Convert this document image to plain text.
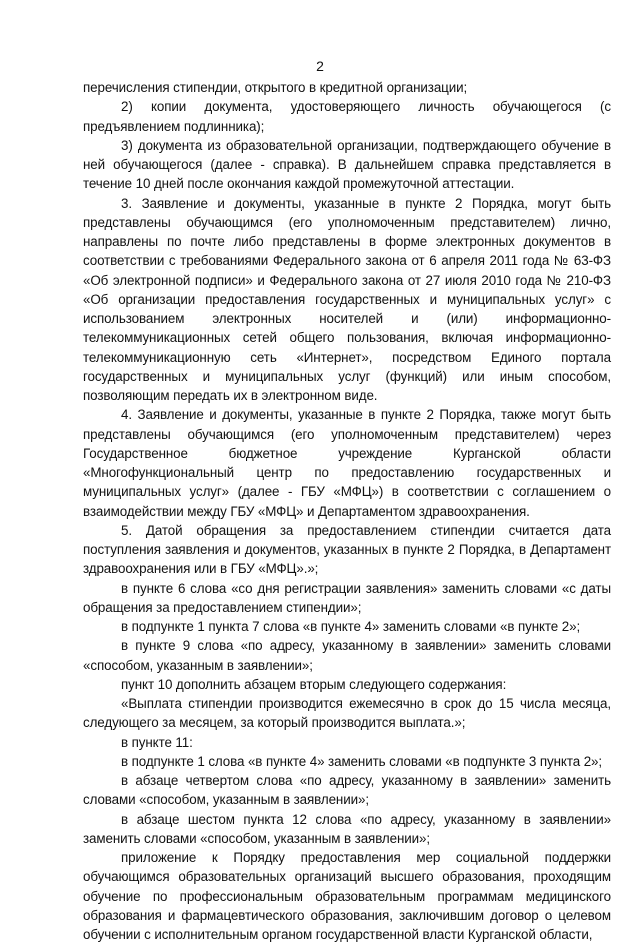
2

перечисления стипендии, открытого в кредитной организации;

2) копии документа, удостоверяющего личность обучающегося (с предъявлением подлинника);

3) документа из образовательной организации, подтверждающего обучение в ней обучающегося (далее - справка). В дальнейшем справка представляется в течение 10 дней после окончания каждой промежуточной аттестации.

3. Заявление и документы, указанные в пункте 2 Порядка, могут быть представлены обучающимся (его уполномоченным представителем) лично, направлены по почте либо представлены в форме электронных документов в соответствии с требованиями Федерального закона от 6 апреля 2011 года № 63-ФЗ «Об электронной подписи» и Федерального закона от 27 июля 2010 года № 210-ФЗ «Об организации предоставления государственных и муниципальных услуг» с использованием электронных носителей и (или) информационно-телекоммуникационных сетей общего пользования, включая информационно-телекоммуникационную сеть «Интернет», посредством Единого портала государственных и муниципальных услуг (функций) или иным способом, позволяющим передать их в электронном виде.

4. Заявление и документы, указанные в пункте 2 Порядка, также могут быть представлены обучающимся (его уполномоченным представителем) через Государственное бюджетное учреждение Курганской области «Многофункциональный центр по предоставлению государственных и муниципальных услуг» (далее - ГБУ «МФЦ») в соответствии с соглашением о взаимодействии между ГБУ «МФЦ» и Департаментом здравоохранения.

5. Датой обращения за предоставлением стипендии считается дата поступления заявления и документов, указанных в пункте 2 Порядка, в Департамент здравоохранения или в ГБУ «МФЦ».»;

в пункте 6 слова «со дня регистрации заявления» заменить словами «с даты обращения за предоставлением стипендии»;

в подпункте 1 пункта 7 слова «в пункте 4» заменить словами «в пункте 2»;

в пункте 9 слова «по адресу, указанному в заявлении» заменить словами «способом, указанным в заявлении»;

пункт 10 дополнить абзацем вторым следующего содержания:

«Выплата стипендии производится ежемесячно в срок до 15 числа месяца, следующего за месяцем, за который производится выплата.»;

в пункте 11:

в подпункте 1 слова «в пункте 4» заменить словами «в подпункте 3 пункта 2»;

в абзаце четвертом слова «по адресу, указанному в заявлении» заменить словами «способом, указанным в заявлении»;

в абзаце шестом пункта 12 слова «по адресу, указанному в заявлении» заменить словами «способом, указанным в заявлении»;

приложение к Порядку предоставления мер социальной поддержки обучающимся образовательных организаций высшего образования, проходящим обучение по профессиональным образовательным программам медицинского образования и фармацевтического образования, заключившим договор о целевом обучении с исполнительным органом государственной власти Курганской области,
